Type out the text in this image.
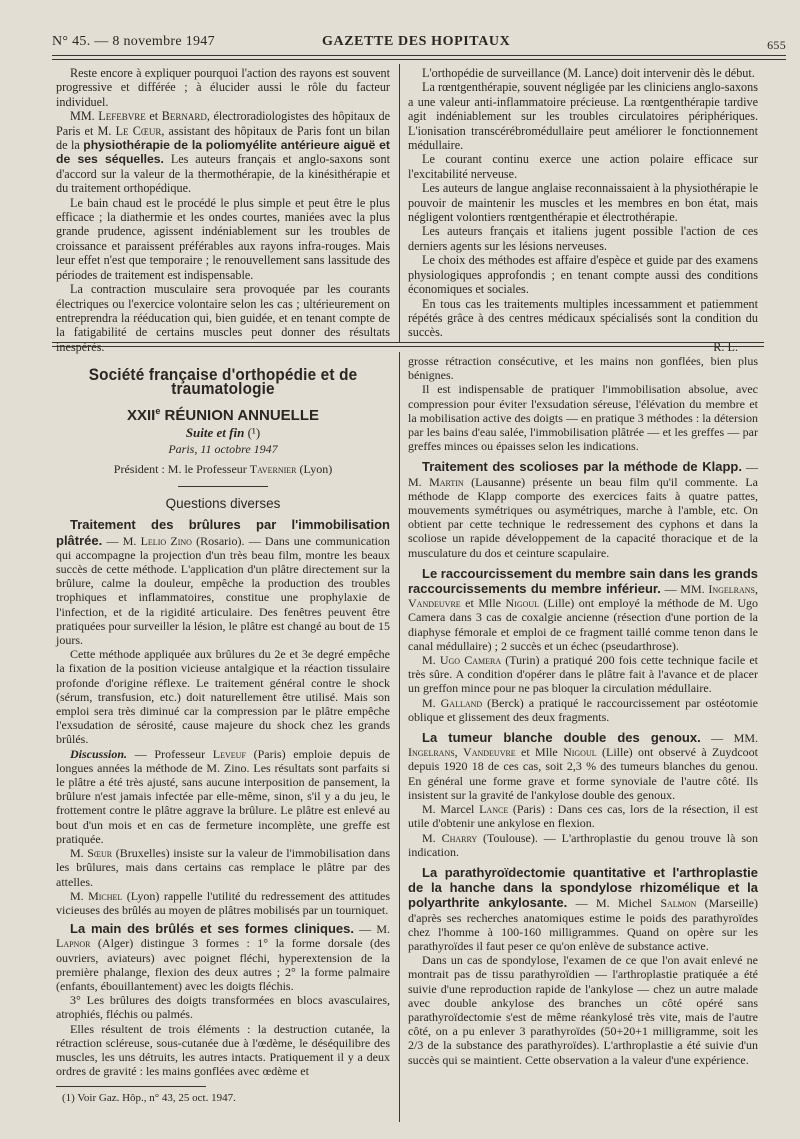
N° 45. — 8 novembre 1947	GAZETTE DES HOPITAUX	655

Reste encore à expliquer pourquoi l'action des rayons est souvent progressive et différée ; à élucider aussi le rôle du facteur individuel.

MM. Lefebvre et Bernard, électroradiologistes des hôpitaux de Paris et M. Le Cœur, assistant des hôpitaux de Paris font un bilan de la physiothérapie de la poliomyélite antérieure aiguë et de ses séquelles. Les auteurs français et anglo-saxons sont d'accord sur la valeur de la thermothérapie, de la kinésithérapie et du traitement orthopédique.

Le bain chaud est le procédé le plus simple et peut être le plus efficace ; la diathermie et les ondes courtes, maniées avec la plus grande prudence, agissent indéniablement sur les troubles de croissance et paraissent préférables aux rayons infra-rouges. Mais leur effet n'est que temporaire ; le renouvellement sans lassitude des périodes de traitement est indispensable.

La contraction musculaire sera provoquée par les courants électriques ou l'exercice volontaire selon les cas ; ultérieurement on entreprendra la rééducation qui, bien guidée, et en tenant compte de la fatigabilité de certains muscles peut donner des résultats inespérés.

L'orthopédie de surveillance (M. Lance) doit intervenir dès le début.

La rœntgenthérapie, souvent négligée par les cliniciens anglo-saxons a une valeur anti-inflammatoire précieuse. La rœntgenthérapie tardive agit indéniablement sur les troubles circulatoires périphériques. L'ionisation transcérébromédullaire peut améliorer le fonctionnement médullaire.

Le courant continu exerce une action polaire efficace sur l'excitabilité nerveuse.

Les auteurs de langue anglaise reconnaissaient à la physiothérapie le pouvoir de maintenir les muscles et les membres en bon état, mais négligent volontiers rœntgenthérapie et électrothérapie.

Les auteurs français et italiens jugent possible l'action de ces derniers agents sur les lésions nerveuses.

Le choix des méthodes est affaire d'espèce et guide par des examens physiologiques approfondis ; en tenant compte aussi des conditions économiques et sociales.

En tous cas les traitements multiples incessamment et patiemment répétés grâce à des centres médicaux spécialisés sont la condition du succès.

R. L.
Société française d'orthopédie et de traumatologie
XXIIe RÉUNION ANNUELLE
Suite et fin (¹)
Paris, 11 octobre 1947
Président : M. le Professeur Tavernier (Lyon)
Questions diverses

Traitement des brûlures par l'immobilisation plâtrée. — M. Lelio Zino (Rosario). — Dans une communication qui accompagne la projection d'un très beau film, montre les beaux succès de cette méthode. L'application d'un plâtre directement sur la brûlure, calme la douleur, empêche la production des troubles trophiques et inflammatoires, constitue une prophylaxie de l'infection, et de la rigidité articulaire. Des fenêtres peuvent être pratiquées pour surveiller la lésion, le plâtre est changé au bout de 15 jours.

Cette méthode appliquée aux brûlures du 2e et 3e degré empêche la fixation de la position vicieuse antalgique et la réaction tissulaire profonde d'origine réflexe. Le traitement général contre le shock (sérum, transfusion, etc.) doit naturellement être utilisé. Mais son emploi sera très diminué car la compression par le plâtre empêche l'exsudation de sérosité, cause majeure du shock chez les grands brûlés.

Discussion. — Professeur Leveuf (Paris) emploie depuis de longues années la méthode de M. Zino. Les résultats sont parfaits si le plâtre a été très ajusté, sans aucune interposition de pansement, la brûlure n'est jamais infectée par elle-même, sinon, s'il y a du jeu, le frottement contre le plâtre aggrave la brûlure. Le plâtre est enlevé au bout d'un mois et en cas de fermeture incomplète, une greffe est pratiquée.

M. Sœur (Bruxelles) insiste sur la valeur de l'immobilisation dans les brûlures, mais dans certains cas remplace le plâtre par des attelles.

M. Michel (Lyon) rappelle l'utilité du redressement des attitudes vicieuses des brûlés au moyen de plâtres mobilisés par un tourniquet.

La main des brûlés et ses formes cliniques. — M. Lapnor (Alger) distingue 3 formes : 1° la forme dorsale (des ouvriers, aviateurs) avec poignet fléchi, hyperextension de la première phalange, flexion des deux autres ; 2° la forme palmaire (enfants, ébouillantement) avec les doigts fléchis.

3° Les brûlures des doigts transformées en blocs avasculaires, atrophiés, fléchis ou palmés.

Elles résultent de trois éléments : la destruction cutanée, la rétraction scléreuse, sous-cutanée due à l'œdème, le déséquilibre des muscles, les uns détruits, les autres intacts. Pratiquement il y a deux ordres de gravité : les mains gonflées avec œdème et

(1) Voir Gaz. Hôp., n° 43, 25 oct. 1947.

grosse rétraction consécutive, et les mains non gonflées, bien plus bénignes.

Il est indispensable de pratiquer l'immobilisation absolue, avec compression pour éviter l'exsudation séreuse, l'élévation du membre et la mobilisation active des doigts — en pratique 3 méthodes : la détersion par les bains d'eau salée, l'immobilisation plâtrée — et les greffes — par greffes minces ou épaisses selon les indications.

Traitement des scolioses par la méthode de Klapp. — M. Martin (Lausanne) présente un beau film qu'il commente. La méthode de Klapp comporte des exercices faits à quatre pattes, mouvements symétriques ou asymétriques, marche à l'amble, etc. On obtient par cette technique le redressement des cyphons et dans la scoliose un rapide développement de la capacité thoracique et de la musculature du dos et ceinture scapulaire.

Le raccourcissement du membre sain dans les grands raccourcissements du membre inférieur. — MM. Ingelrans, Vandeuvre et Mlle Nigoul (Lille) ont employé la méthode de M. Ugo Camera dans 3 cas de coxalgie ancienne (résection d'une portion de la diaphyse fémorale et emploi de ce fragment taillé comme tenon dans le canal médullaire) ; 2 succès et un échec (pseudarthrose).

M. Ugo Camera (Turin) a pratiqué 200 fois cette technique facile et très sûre. A condition d'opérer dans le plâtre fait à l'avance et de placer un greffon mince pour ne pas bloquer la circulation médullaire.

M. Galland (Berck) a pratiqué le raccourcissement par ostéotomie oblique et glissement des deux fragments.

La tumeur blanche double des genoux. — MM. Ingelrans, Vandeuvre et Mlle Nigoul (Lille) ont observé à Zuydcoot depuis 1920 18 de ces cas, soit 2,3 % des tumeurs blanches du genou. En général une forme grave et forme synoviale de l'autre côté. Ils insistent sur la gravité de l'ankylose double des genoux.

M. Marcel Lance (Paris) : Dans ces cas, lors de la résection, il est utile d'obtenir une ankylose en flexion.

M. Charry (Toulouse). — L'arthroplastie du genou trouve là son indication.

La parathyroïdectomie quantitative et l'arthroplastie de la hanche dans la spondylose rhizomélique et la polyarthrite ankylosante. — M. Michel Salmon (Marseille) d'après ses recherches anatomiques estime le poids des parathyroïdes chez l'homme à 100-160 milligrammes. Quand on opère sur les parathyroïdes il faut peser ce qu'on enlève de substance active.

Dans un cas de spondylose, l'examen de ce que l'on avait enlevé ne montrait pas de tissu parathyroïdien — l'arthroplastie pratiquée a été suivie d'une reproduction rapide de l'ankylose — chez un autre malade avec double ankylose des branches un côté opéré sans parathyroïdectomie s'est de même réankylosé très vite, mais de l'autre côté, on a pu enlever 3 parathyroïdes (50+20+1 milligramme, soit les 2/3 de la substance des parathyroïdes). L'arthroplastie a été suivie d'un succès qui se maintient. Cette observation a la valeur d'une expérience.
